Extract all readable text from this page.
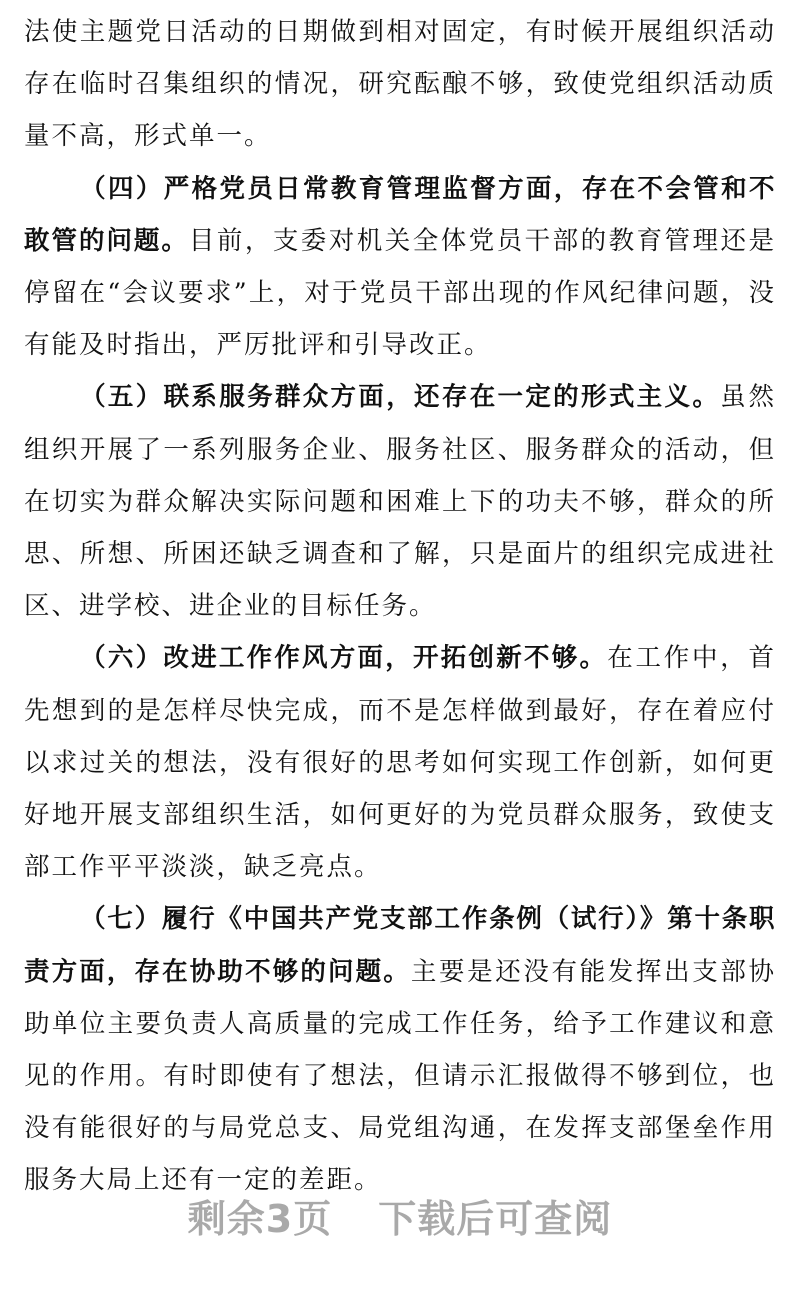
法使主题党日活动的日期做到相对固定，有时候开展组织活动存在临时召集组织的情况，研究酝酿不够，致使党组织活动质量不高，形式单一。

（四）严格党员日常教育管理监督方面，存在不会管和不敢管的问题。目前，支委对机关全体党员干部的教育管理还是停留在“会议要求”上，对于党员干部出现的作风纪律问题，没有能及时指出，严厉批评和引导改正。

（五）联系服务群众方面，还存在一定的形式主义。虽然组织开展了一系列服务企业、服务社区、服务群众的活动，但在切实为群众解决实际问题和困难上下的功夫不够，群众的所思、所想、所困还缺乏调查和了解，只是面片的组织完成进社区、进学校、进企业的目标任务。

（六）改进工作作风方面，开拓创新不够。在工作中，首先想到的是怎样尽快完成，而不是怎样做到最好，存在着应付以求过关的想法，没有很好的思考如何实现工作创新，如何更好地开展支部组织生活，如何更好的为党员群众服务，致使支部工作平平淡淡，缺乏亮点。

（七）履行《中国共产党支部工作条例（试行）》第十条职责方面，存在协助不够的问题。主要是还没有能发挥出支部协助单位主要负责人高质量的完成工作任务，给予工作建议和意见的作用。有时即使有了想法，但请示汇报做得不够到位，也没有能很好的与局党总支、局党组沟通，在发挥支部堡垒作用服务大局上还有一定的差距。

剩余3页 下载后可查阅
